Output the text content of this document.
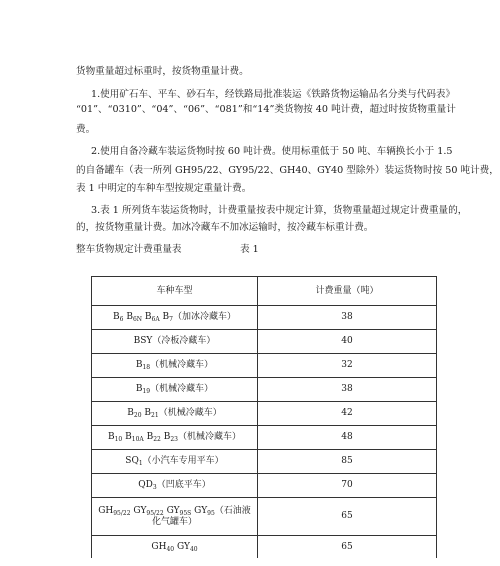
货物重量超过标重时，按货物重量计费。
1.使用矿石车、平车、砂石车，经铁路局批准装运《铁路货物运输品名分类与代码表》
“01”、“0310”、“04”、“06”、“081”和“14”类货物按 40 吨计费，超过时按货物重量计
费。
2.使用自备冷藏车装运货物时按 60 吨计费。使用标重低于 50 吨、车辆换长小于 1.5
的自备罐车（表一所列 GH95/22、GY95/22、GH40、GY40 型除外）装运货物时按 50 吨计费，
表 1 中明定的车种车型按规定重量计费。
3.表 1 所列货车装运货物时，计费重量按表中规定计算，货物重量超过规定计费重量的，
的，按货物重量计费。加冰冷藏车不加冰运输时，按冷藏车标重计费。
整车货物规定计费重量表	表 1
车种车型	计费重量（吨）
$B_6$ $B_{6N}$ $B_{6A}$ $B_7$（加冰冷藏车）	38
BSY（冷板冷藏车）	40
$B_{18}$（机械冷藏车）	32
$B_{19}$（机械冷藏车）	38
$B_{20}$ $B_{21}$（机械冷藏车）	42
$B_{10}$ $B_{10A}$ $B_{22}$ $B_{23}$（机械冷藏车）	48
$SQ_1$（小汽车专用平车）	85
$QD_3$（凹底平车）	70
$GH_{95/22}$ $GY_{95/22}$ $GY_{95S}$ $GY_{95}$（石油液化气罐车）	65
$GH_{40}$ $GY_{40}$	65
